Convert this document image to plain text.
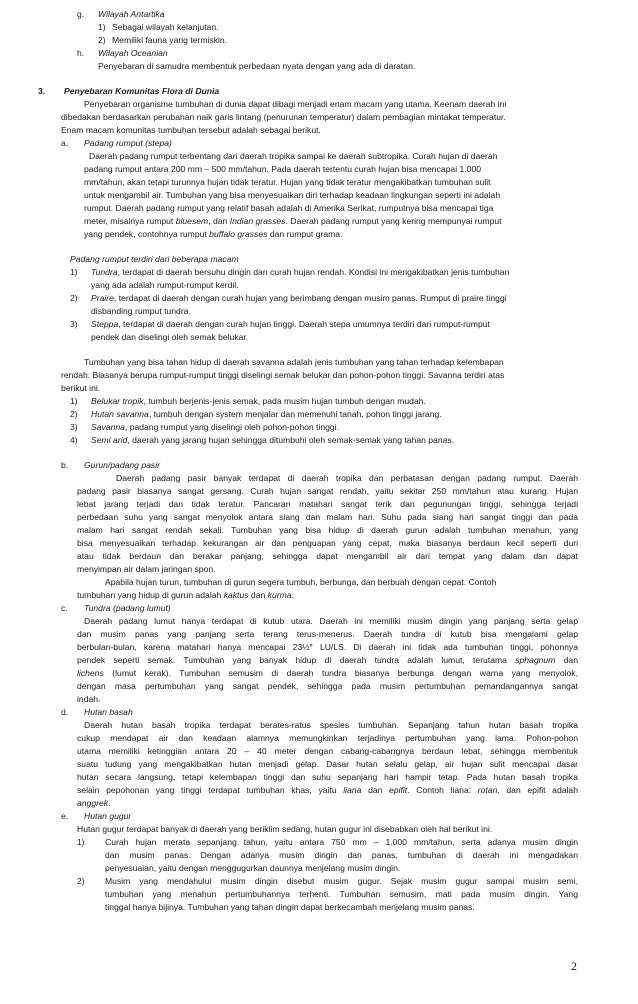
g. Wilayah Antartika
1) Sebagai wilayah kelanjutan.
2) Memiliki fauna yang termiskin.
h. Wilayah Oceanian
Penyebaran di samudra membentuk perbedaan nyata dengan yang ada di daratan.
3. Penyebaran Komunitas Flora di Dunia
Penyebaran organisme tumbuhan di dunia dapat dibagi menjadi enam macam yang utama. Keenam daerah ini
dibedakan berdasarkan perubahan naik garis lintang (penurunan temperatur) dalam pembagian mintakat temperatur.
Enam macam komunitas tumbuhan tersebut adalah sebagai berikut.
a. Padang rumput (stepa)
Daerah padang rumput terbentang dari daerah tropika sampai ke daerah subtropika. Curah hujan di daerah
padang rumput antara 200 mm – 500 mm/tahun. Pada daerah tertentu curah hujan bisa mencapai 1.000
mm/tahun, akan tetapi turunnya hujan tidak teratur. Hujan yang tidak teratur mengakibatkan tumbuhan sulit
untuk mengambil air. Tumbuhan yang bisa menyesuaikan diri terhadap keadaan lingkungan seperti ini adalah
rumput. Daerah padang rumput yang relatif basah adalah di Amerika Serikat, rumputnya bisa mencapai tiga
meter, misalnya rumput bluesem, dan Indian grasses. Daerah padang rumput yang kering mempunyai rumput
yang pendek, contohnya rumput buffalo grasses dan rumput grama.
Padang rumput terdiri dari beberapa macam
1) Tundra, terdapat di daerah bersuhu dingin dan curah hujan rendah. Kondisi ini mengakibatkan jenis tumbuhan
yang ada adalah rumput-rumput kerdil.
2) Praire, terdapat di daerah dengan curah hujan yang berimbang dengan musim panas. Rumput di praire tinggi
disbanding rumput tundra.
3) Steppa, terdapat di daerah dengan curah hujan tinggi. Daerah stepa umumnya terdiri dari rumput-rumput
pendek dan diselingi oleh semak belukar.
Tumbuhan yang bisa tahan hidup di daerah savanna adalah jenis tumbuhan yang tahan terhadap kelembapan
rendah. Biasanya berupa rumput-rumput tinggi diselingi semak belukar dan pohon-pohon tinggi. Savanna terdiri atas
berikut ini.
1) Belukar tropik, tumbuh berjenis-jenis semak, pada musim hujan tumbuh dengan mudah.
2) Hutan savanna, tumbuh dengan system menjalar dan memenuhi tanah, pohon tinggi jarang.
3) Savanna, padang rumput yang diselingi oleh pohon-pohon tinggi.
4) Semi arid, daerah yang jarang hujan sehingga ditumbuhi oleh semak-semak yang tahan panas.
b. Gurun/padang pasir
Daerah padang pasir banyak terdapat di daerah tropika dan perbatasan dengan padang rumput. Daerah
padang pasir biasanya sangat gersang. Curah hujan sangat rendah, yaitu sekitar 250 mm/tahun atau kurang. Hujan
lebat jarang terjadi dan tidak teratur. Pancaran matahari sangat terik dan pegunungan tinggi, sehingga terjadi
perbedaan suhu yang sangat menyolok antara siang dan malam hari. Suhu pada siang hari sangat tinggi dan pada
malam hari sangat rendah sekali. Tumbuhan yang bisa hidup di daerah gurun adalah tumbuhan menahun, yang
bisa menyesuaikan terhadap kekurangan air dan penguapan yang cepat, maka biasanya berdaun kecil seperti duri
atau tidak berdaun dan berakar panjang, sehingga dapat mengambil air dari tempat yang dalam dan dapat
menyimpan air dalam jaringan spon.
Apabila hujan turun, tumbuhan di gurun segera tumbuh, berbunga, dan berbuah dengan cepat. Contoh
tumbuhan yang hidup di gurun adalah kaktus dan kurma.
c. Tundra (padang lumut)
Daerah padang lumut hanya terdapat di kutub utara. Daerah ini memiliki musim dingin yang panjang serta gelap
dan musim panas yang panjang serta terang terus-menerus. Daerah tundra di kutub bisa mengalami gelap
berbulan-bulan, karena matahari hanya mencapai 23½° LU/LS. Di daerah ini tidak ada tumbuhan tinggi, pohonnya
pendek seperti semak. Tumbuhan yang banyak hidup di daerah tundra adalah lumut, terutama sphagnum dan
lichens (lumut kerak). Tumbuhan semusim di daerah tundra biasanya berbunga dengan warna yang menyolok,
dengan masa pertumbuhan yang sangat pendek, sehingga pada musim pertumbuhan pemandangannya sangat
indah.
d. Hutan basah
Daerah hutan basah tropika terdapat berates-ratus spesies tumbuhan. Sepanjang tahun hutan basah tropika
cukup mendapat air dan keadaan alamnya memungkinkan terjadinya pertumbuhan yang lama. Pohon-pohon
utama memiliki ketinggian antara 20 – 40 meter dengan cabang-cabangnya berdaun lebat, sehingga membentuk
suatu tudung yang mengakibatkan hutan menjadi gelap. Dasar hutan selalu gelap, air hujan sulit mencapai dasar
hutan secara langsung, tetapi kelembapan tinggi dan suhu sepanjang hari hampir tetap. Pada hutan basah tropika
selain pepohonan yang tinggi terdapat tumbuhan khas, yaitu liana dan epifit. Contoh liana: rotan, dan epifit adalah
anggrek.
e. Hutan gugur
Hutan gugur terdapat banyak di daerah yang beriklim sedang, hutan gugur ini disebabkan oleh hal berikut ini.
1) Curah hujan merata sepanjang tahun, yaitu antara 750 mm – 1.000 mm/tahun, serta adanya musim dingin
dan musim panas. Dengan adanya musim dingin dan panas, tumbuhan di daerah ini mengadakan
penyesuaian, yaitu dengan menggugurkan daunnya menjelang musim dingin.
2) Musim yang mendahului musim dingin disebut musim gugur. Sejak musim gugur sampai musim semi,
tumbuhan yang menahun pertumbuhannya terhenti. Tumbuhan semusim, mati pada musim dingin. Yang
tinggal hanya bijinya. Tumbuhan yang tahan dingin dapat berkecambah menjelang musim panas.
2
